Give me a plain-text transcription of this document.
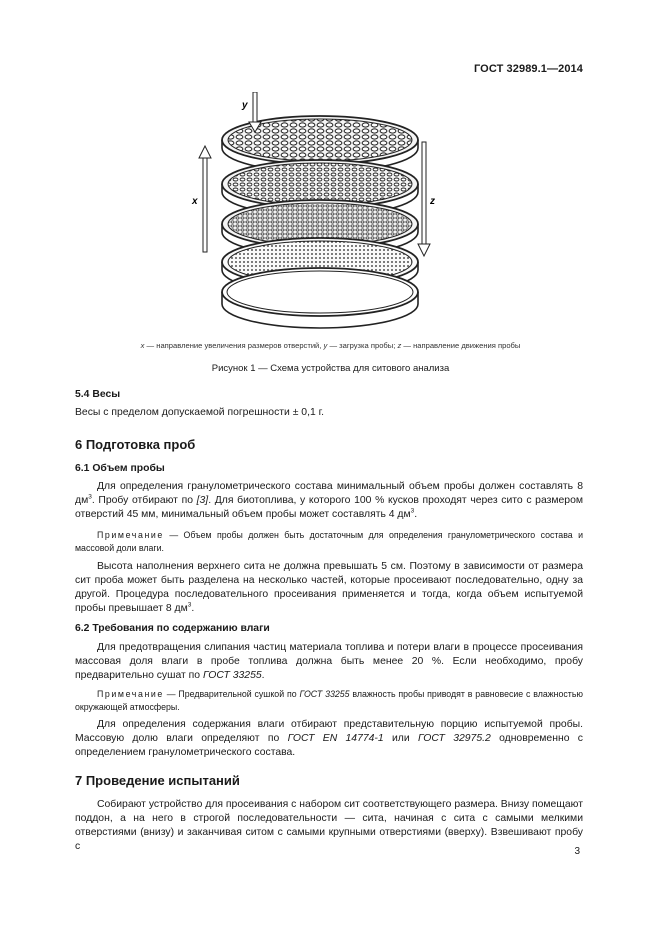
ГОСТ 32989.1—2014
y
x	z
x — направление увеличения размеров отверстий, y — загрузка пробы; z — направление движения пробы
Рисунок 1 — Схема устройства для ситового анализа
5.4 Весы
Весы с пределом допускаемой погрешности ± 0,1 г.
6 Подготовка проб
6.1 Объем пробы
Для определения гранулометрического состава минимальный объем пробы должен составлять 8 $дм^3$. Пробу отбирают по [3]. Для биотоплива, у которого 100 % кусков проходят через сито с размером отверстий 45 мм, минимальный объем пробы может составлять 4 $дм^3$.
Примечание — Объем пробы должен быть достаточным для определения гранулометрического состава и массовой доли влаги.
Высота наполнения верхнего сита не должна превышать 5 см. Поэтому в зависимости от размера сит проба может быть разделена на несколько частей, которые просеивают последовательно, одну за другой. Процедура последовательного просеивания применяется и тогда, когда объем испытуемой пробы превышает 8 $дм^3$.
6.2 Требования по содержанию влаги
Для предотвращения слипания частиц материала топлива и потери влаги в процессе просеивания массовая доля влаги в пробе топлива должна быть менее 20 %. Если необходимо, пробу предварительно сушат по ГОСТ 33255.
Примечание — Предварительной сушкой по ГОСТ 33255 влажность пробы приводят в равновесие с влажностью окружающей атмосферы.
Для определения содержания влаги отбирают представительную порцию испытуемой пробы. Массовую долю влаги определяют по ГОСТ EN 14774-1 или ГОСТ 32975.2 одновременно с определением гранулометрического состава.
7 Проведение испытаний
Собирают устройство для просеивания с набором сит соответствующего размера. Внизу помещают поддон, а на него в строгой последовательности — сита, начиная с сита с самыми мелкими отверстиями (внизу) и заканчивая ситом с самыми крупными отверстиями (вверху). Взвешивают пробу с	3
